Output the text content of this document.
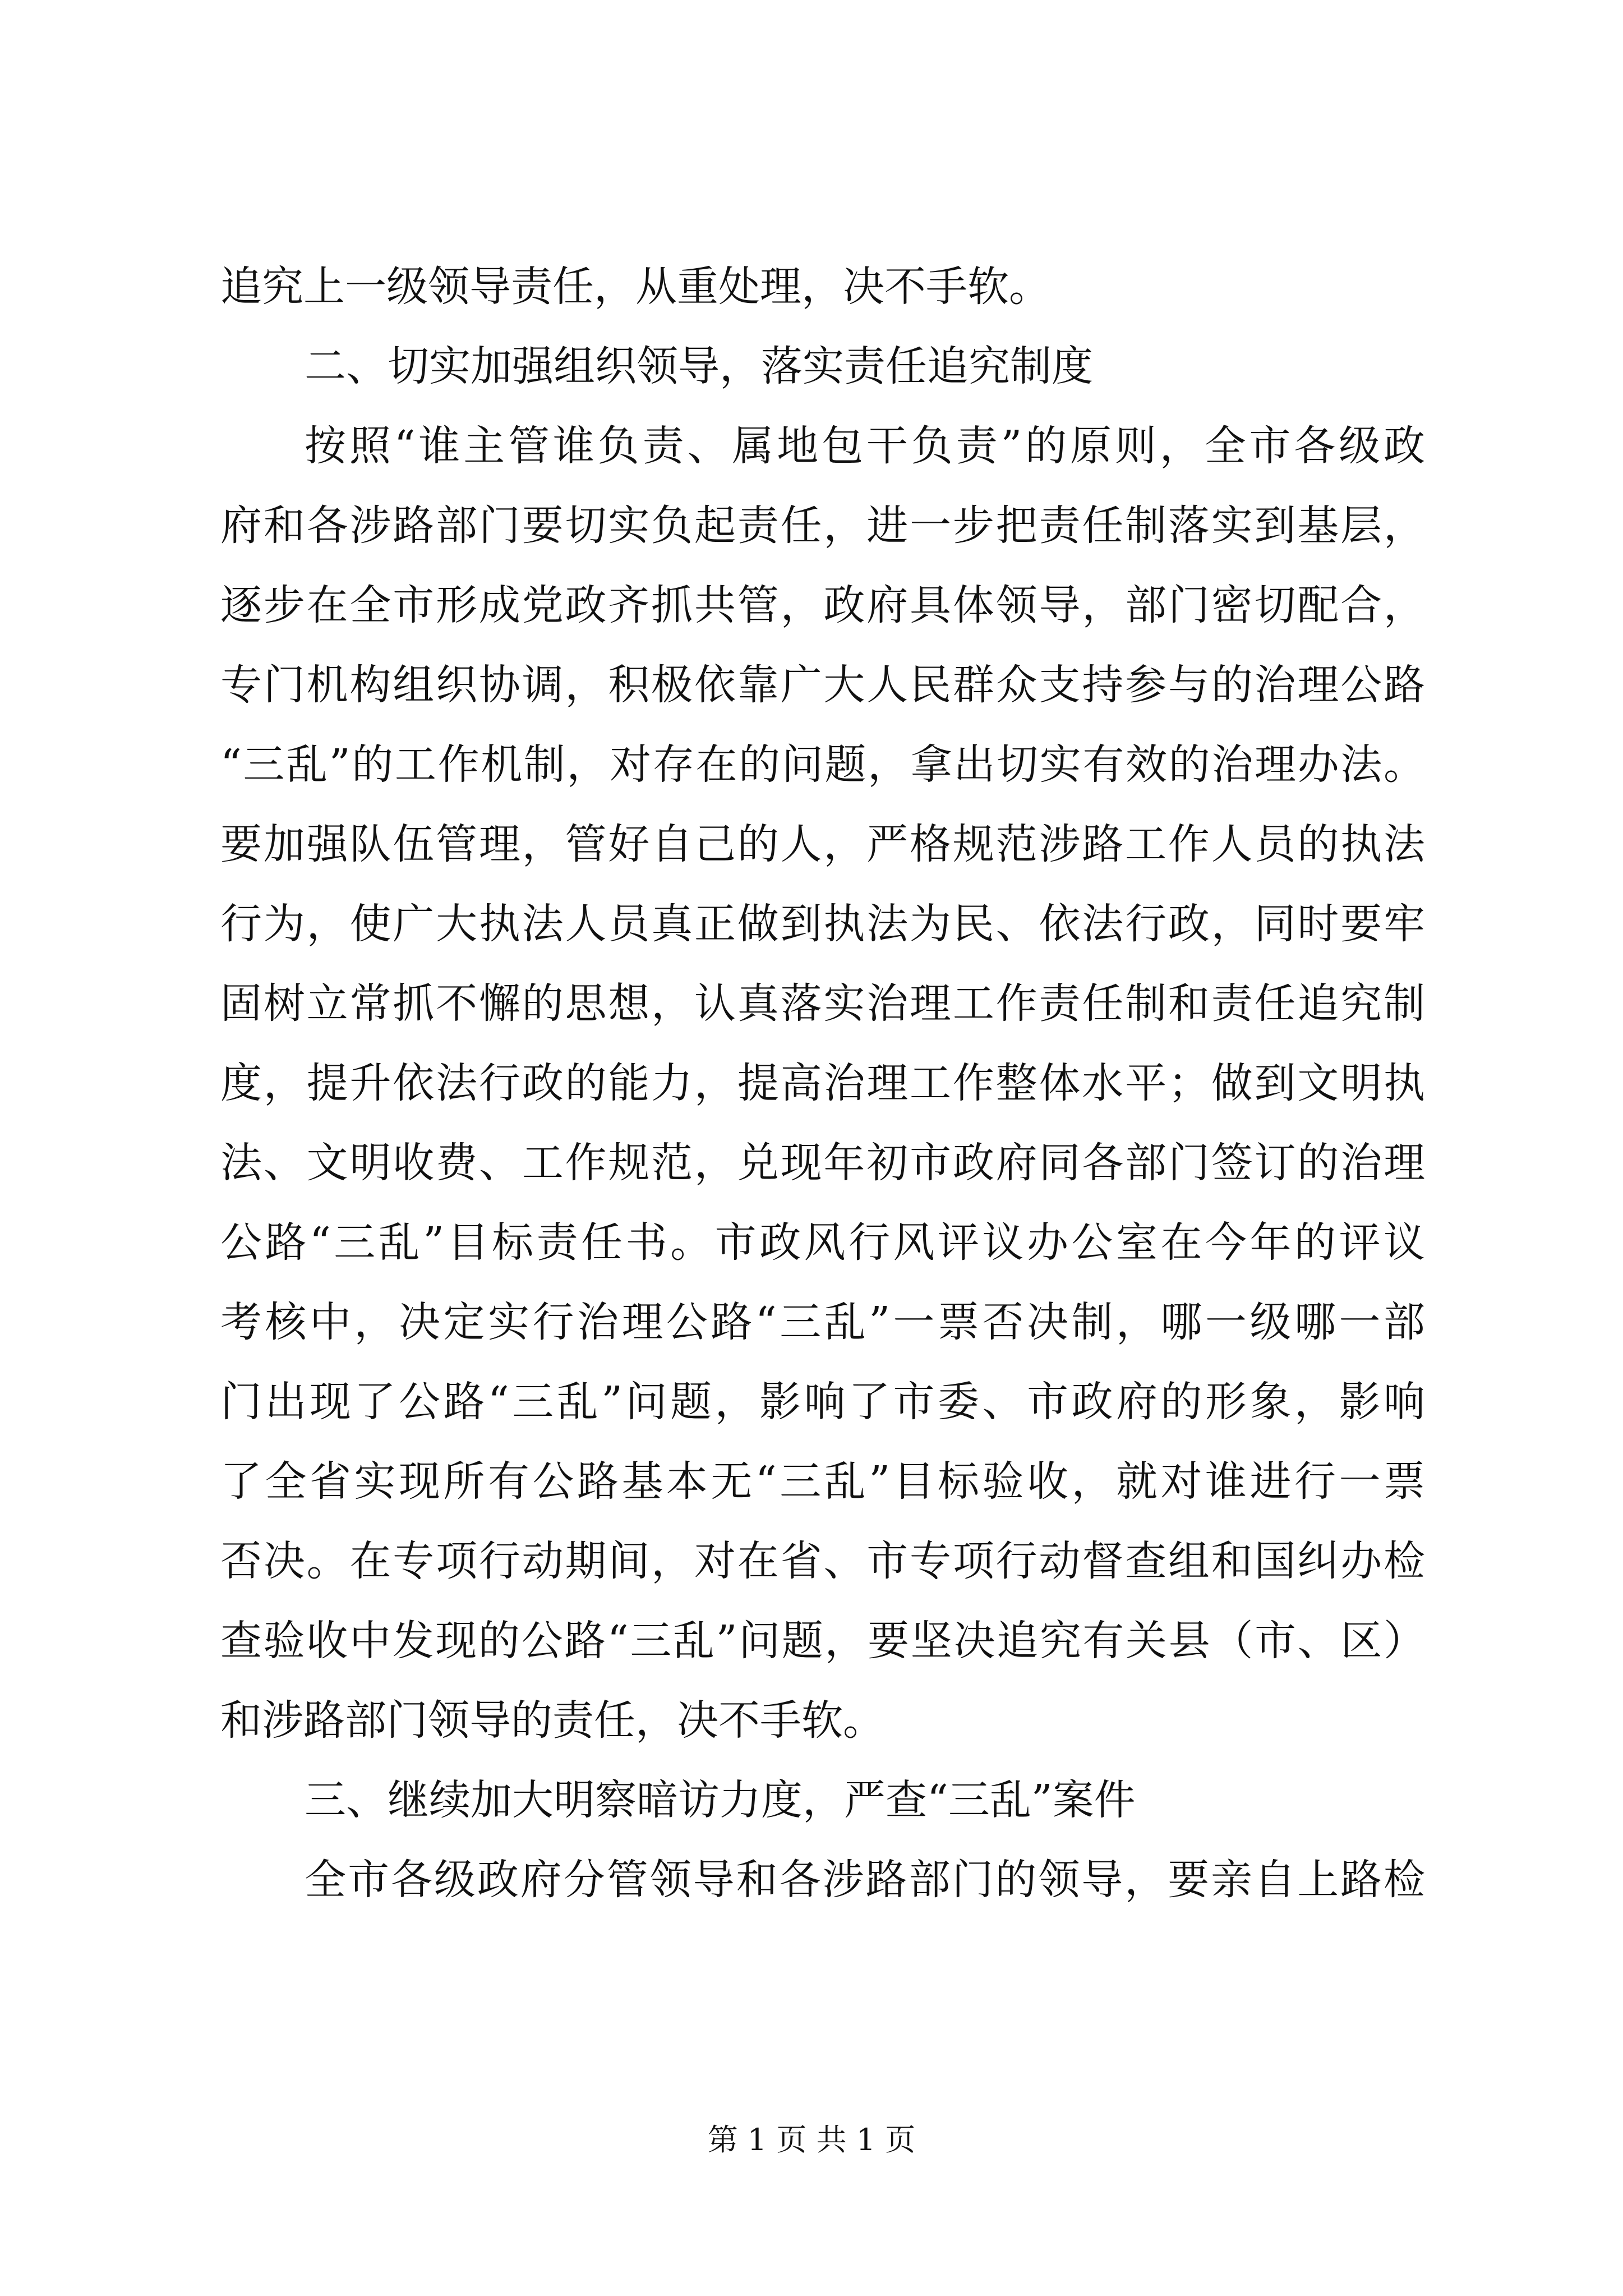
追究上一级领导责任，从重处理，决不手软。
二、切实加强组织领导，落实责任追究制度
按照“谁主管谁负责、属地包干负责”的原则，全市各级政
府和各涉路部门要切实负起责任，进一步把责任制落实到基层，
逐步在全市形成党政齐抓共管，政府具体领导，部门密切配合，
专门机构组织协调，积极依靠广大人民群众支持参与的治理公路
“三乱”的工作机制，对存在的问题，拿出切实有效的治理办法。
要加强队伍管理，管好自己的人，严格规范涉路工作人员的执法
行为，使广大执法人员真正做到执法为民、依法行政，同时要牢
固树立常抓不懈的思想，认真落实治理工作责任制和责任追究制
度，提升依法行政的能力，提高治理工作整体水平；做到文明执
法、文明收费、工作规范，兑现年初市政府同各部门签订的治理
公路“三乱”目标责任书。市政风行风评议办公室在今年的评议
考核中，决定实行治理公路“三乱”一票否决制，哪一级哪一部
门出现了公路“三乱”问题，影响了市委、市政府的形象，影响
了全省实现所有公路基本无“三乱”目标验收，就对谁进行一票
否决。在专项行动期间，对在省、市专项行动督查组和国纠办检
查验收中发现的公路“三乱”问题，要坚决追究有关县（市、区）
和涉路部门领导的责任，决不手软。
三、继续加大明察暗访力度，严查“三乱”案件
全市各级政府分管领导和各涉路部门的领导，要亲自上路检
第 1 页 共 1 页
